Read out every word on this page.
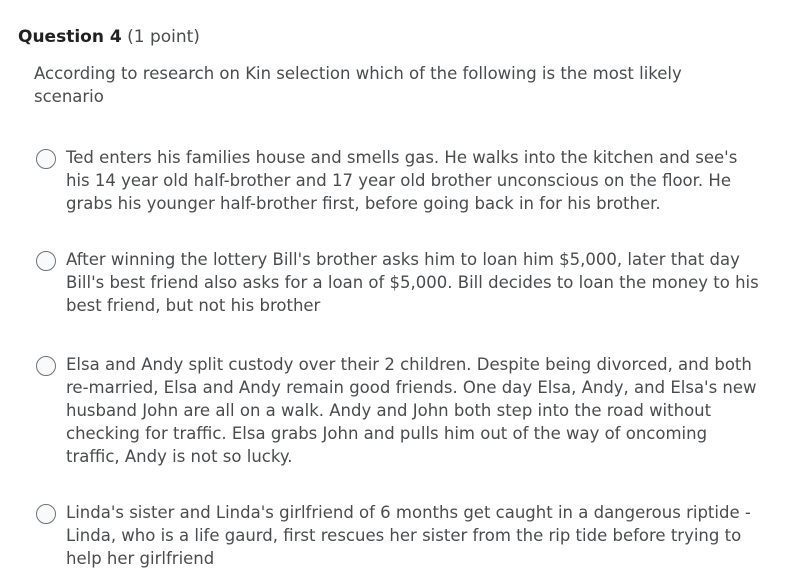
Question 4 (1 point)
According to research on Kin selection which of the following is the most likely scenario
Ted enters his families house and smells gas. He walks into the kitchen and see's his 14 year old half-brother and 17 year old brother unconscious on the floor. He grabs his younger half-brother first, before going back in for his brother.
After winning the lottery Bill's brother asks him to loan him $5,000, later that day Bill's best friend also asks for a loan of $5,000. Bill decides to loan the money to his best friend, but not his brother
Elsa and Andy split custody over their 2 children. Despite being divorced, and both re-married, Elsa and Andy remain good friends. One day Elsa, Andy, and Elsa's new husband John are all on a walk. Andy and John both step into the road without checking for traffic. Elsa grabs John and pulls him out of the way of oncoming traffic, Andy is not so lucky.
Linda's sister and Linda's girlfriend of 6 months get caught in a dangerous riptide - Linda, who is a life gaurd, first rescues her sister from the rip tide before trying to help her girlfriend
